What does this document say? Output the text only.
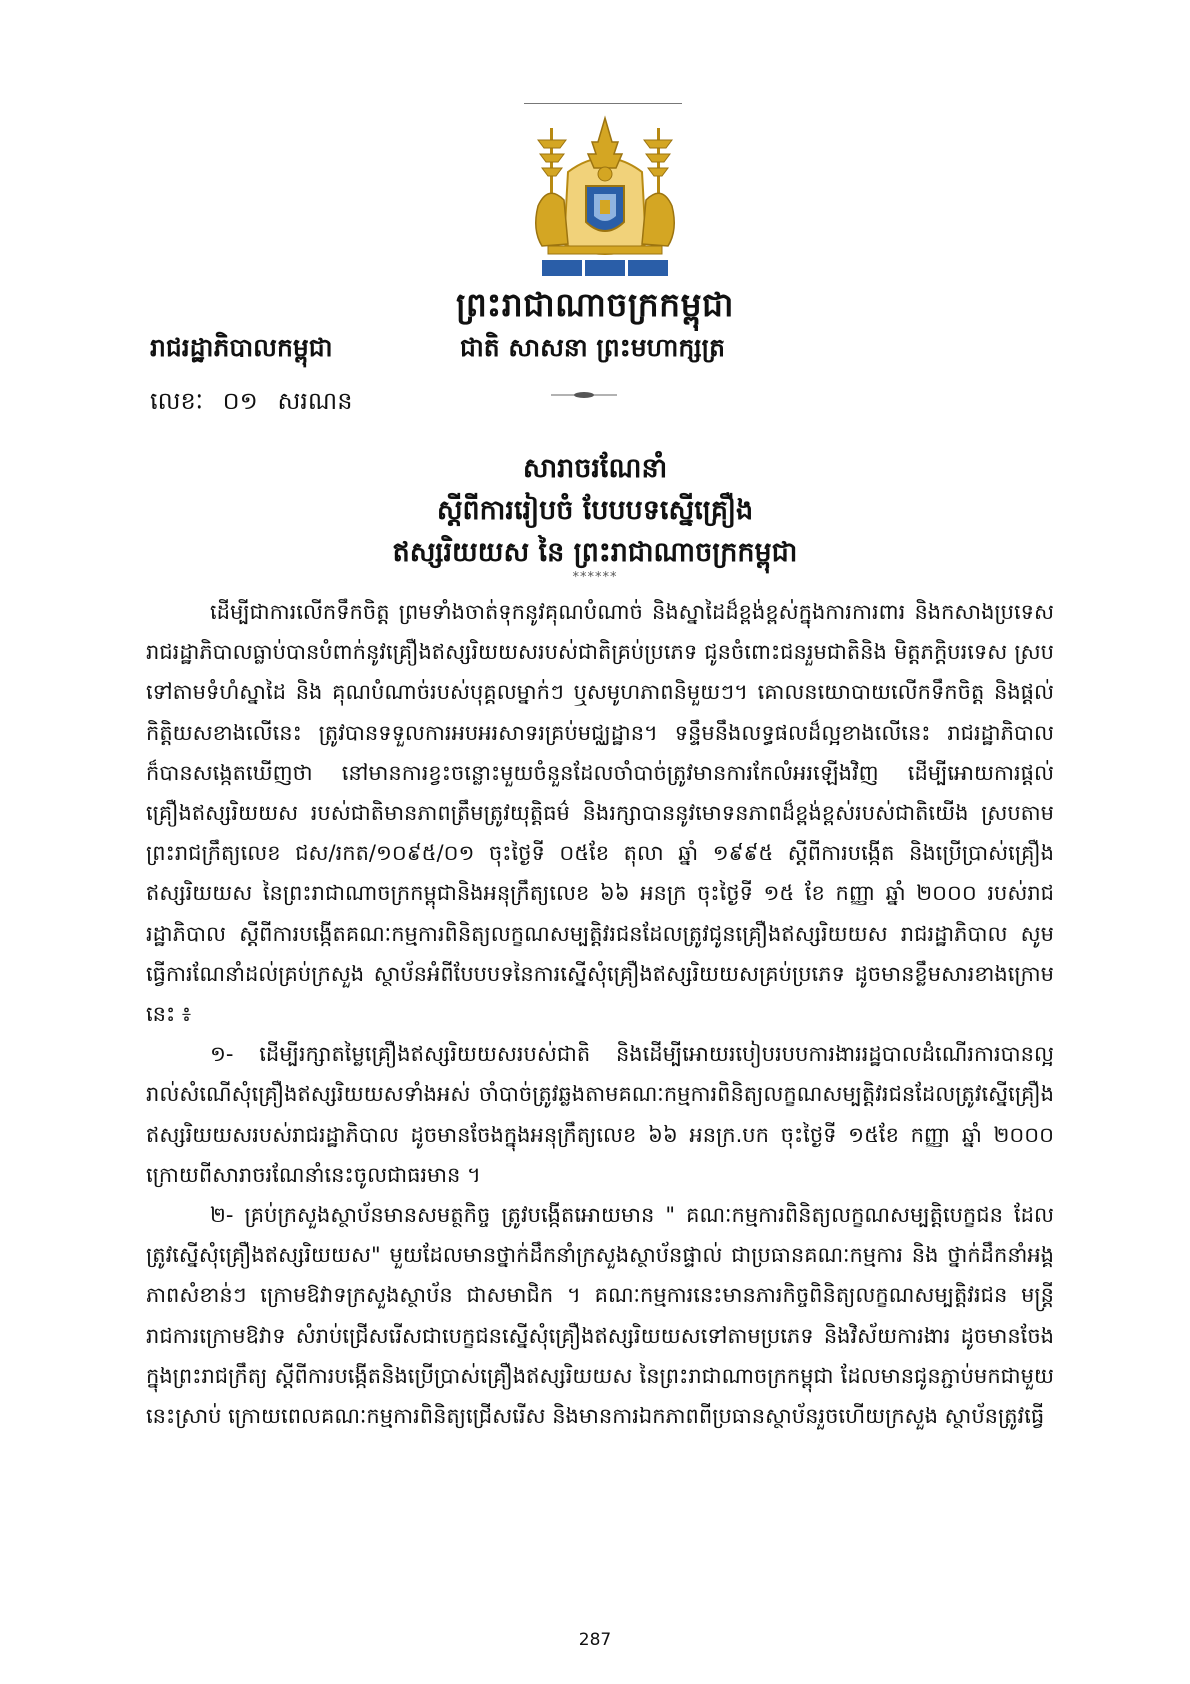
ព្រះរាជាណាចក្រកម្ពុជា
រាជរដ្ឋាភិបាលកម្ពុជា	ជាតិ សាសនា ព្រះមហាក្សត្រ
លេខៈ ០១ សរណន
សារាចរណែនាំ
ស្តីពីការរៀបចំ បែបបទស្នើគ្រឿង
ឥស្សរិយយស នៃ ព្រះរាជាណាចក្រកម្ពុជា
******

ដើម្បីជាការលើកទឹកចិត្ត ព្រមទាំងចាត់ទុកនូវគុណបំណាច់ និងស្នាដៃដ៏ខ្ពង់ខ្ពស់ក្នុងការការពារ និងកសាងប្រទេស រាជរដ្ឋាភិបាលធ្លាប់បានបំពាក់នូវគ្រឿងឥស្សរិយយសរបស់ជាតិគ្រប់ប្រភេទ ជូនចំពោះជនរួមជាតិនិង មិត្តភក្តិបរទេស ស្របទៅតាមទំហំស្នាដៃ និង គុណបំណាច់របស់បុគ្គលម្នាក់ៗ ឬសមូហភាពនិមួយៗ។ គោលនយោបាយលើកទឹកចិត្ត និងផ្តល់កិត្តិយសខាងលើនេះ ត្រូវបានទទួលការអបអរសាទរគ្រប់មជ្ឈដ្ឋាន។ ទន្ទឹមនឹងលទ្ធផលដ៏ល្អខាងលើនេះ រាជរដ្ឋាភិបាលក៏បានសង្កេតឃើញថា នៅមានការខ្វះចន្លោះមួយចំនួនដែលចាំបាច់ត្រូវមានការកែលំអរឡើងវិញ ដើម្បីអោយការផ្តល់គ្រឿងឥស្សរិយយស របស់ជាតិមានភាពត្រឹមត្រូវយុត្តិធម៌ និងរក្សាបាននូវមោទនភាពដ៏ខ្ពង់ខ្ពស់របស់ជាតិយើង ស្របតាមព្រះរាជក្រឹត្យលេខ ជស/រកត/១០៩៥/០១ ចុះថ្ងៃទី ០៥ខែ តុលា ឆ្នាំ ១៩៩៥ ស្តីពីការបង្កើត និងប្រើប្រាស់គ្រឿងឥស្សរិយយស នៃព្រះរាជាណាចក្រកម្ពុជានិងអនុក្រឹត្យលេខ ៦៦ អនក្រ ចុះថ្ងៃទី ១៥ ខែ កញ្ញា ឆ្នាំ ២០០០ របស់រាជរដ្ឋាភិបាល ស្តីពីការបង្កើតគណៈកម្មការពិនិត្យលក្ខណសម្បត្តិវរជនដែលត្រូវជូនគ្រឿងឥស្សរិយយស រាជរដ្ឋាភិបាល សូមធ្វើការណែនាំដល់គ្រប់ក្រសួង ស្ថាប័នអំពីបែបបទនៃការស្នើសុំគ្រឿងឥស្សរិយយសគ្រប់ប្រភេទ ដូចមានខ្លឹមសារខាងក្រោមនេះ ៖

១- ដើម្បីរក្សាតម្លៃគ្រឿងឥស្សរិយយសរបស់ជាតិ និងដើម្បីអោយរបៀបរបបការងាររដ្ឋបាលដំណើរការបានល្អ រាល់សំណើសុំគ្រឿងឥស្សរិយយសទាំងអស់ ចាំបាច់ត្រូវឆ្លងតាមគណៈកម្មការពិនិត្យលក្ខណសម្បត្តិវរជនដែលត្រូវស្នើគ្រឿងឥស្សរិយយសរបស់រាជរដ្ឋាភិបាល ដូចមានចែងក្នុងអនុក្រឹត្យលេខ ៦៦ អនក្រ.បក ចុះថ្ងៃទី ១៥ខែ កញ្ញា ឆ្នាំ ២០០០ ក្រោយពីសារាចរណែនាំនេះចូលជាធរមាន ។

២- គ្រប់ក្រសួងស្ថាប័នមានសមត្ថកិច្ច ត្រូវបង្កើតអោយមាន " គណៈកម្មការពិនិត្យលក្ខណសម្បត្តិបេក្ខជន ដែលត្រូវស្នើសុំគ្រឿងឥស្សរិយយស" មួយដែលមានថ្នាក់ដឹកនាំក្រសួងស្ថាប័នផ្ទាល់ ជាប្រធានគណៈកម្មការ និង ថ្នាក់ដឹកនាំអង្គភាពសំខាន់ៗ ក្រោមឱវាទក្រសួងស្ថាប័ន ជាសមាជិក ។ គណៈកម្មការនេះមានភារកិច្ចពិនិត្យលក្ខណសម្បត្តិវរជន មន្ត្រីរាជការក្រោមឱវាទ សំរាប់ជ្រើសរើសជាបេក្ខជនស្នើសុំគ្រឿងឥស្សរិយយសទៅតាមប្រភេទ និងវិស័យការងារ ដូចមានចែងក្នុងព្រះរាជក្រឹត្យ ស្តីពីការបង្កើតនិងប្រើប្រាស់គ្រឿងឥស្សរិយយស នៃព្រះរាជាណាចក្រកម្ពុជា ដែលមានជូនភ្ជាប់មកជាមួយនេះស្រាប់ ក្រោយពេលគណៈកម្មការពិនិត្យជ្រើសរើស និងមានការឯកភាពពីប្រធានស្ថាប័នរួចហើយក្រសួង ស្ថាប័នត្រូវធ្វើ

287
